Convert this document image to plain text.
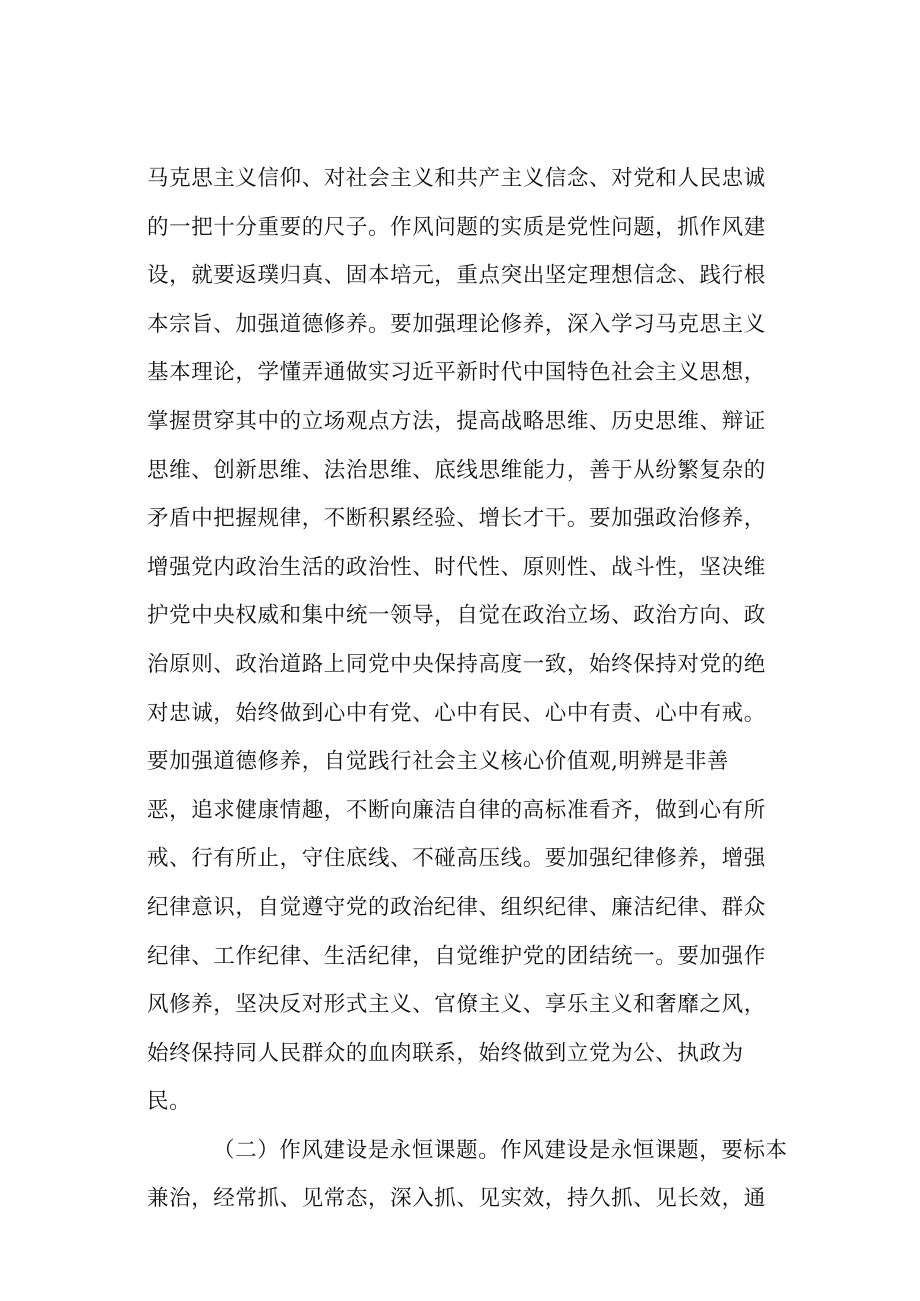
马克思主义信仰、对社会主义和共产主义信念、对党和人民忠诚
的一把十分重要的尺子。作风问题的实质是党性问题，抓作风建
设，就要返璞归真、固本培元，重点突出坚定理想信念、践行根
本宗旨、加强道德修养。要加强理论修养，深入学习马克思主义
基本理论，学懂弄通做实习近平新时代中国特色社会主义思想，
掌握贯穿其中的立场观点方法，提高战略思维、历史思维、辩证
思维、创新思维、法治思维、底线思维能力，善于从纷繁复杂的
矛盾中把握规律，不断积累经验、增长才干。要加强政治修养，
增强党内政治生活的政治性、时代性、原则性、战斗性，坚决维
护党中央权威和集中统一领导，自觉在政治立场、政治方向、政
治原则、政治道路上同党中央保持高度一致，始终保持对党的绝
对忠诚，始终做到心中有党、心中有民、心中有责、心中有戒。
要加强道德修养，自觉践行社会主义核心价值观,明辨是非善
恶，追求健康情趣，不断向廉洁自律的高标准看齐，做到心有所
戒、行有所止，守住底线、不碰高压线。要加强纪律修养，增强
纪律意识，自觉遵守党的政治纪律、组织纪律、廉洁纪律、群众
纪律、工作纪律、生活纪律，自觉维护党的团结统一。要加强作
风修养，坚决反对形式主义、官僚主义、享乐主义和奢靡之风，
始终保持同人民群众的血肉联系，始终做到立党为公、执政为
民。
（二）作风建设是永恒课题。作风建设是永恒课题，要标本
兼治，经常抓、见常态，深入抓、见实效，持久抓、见长效，通
